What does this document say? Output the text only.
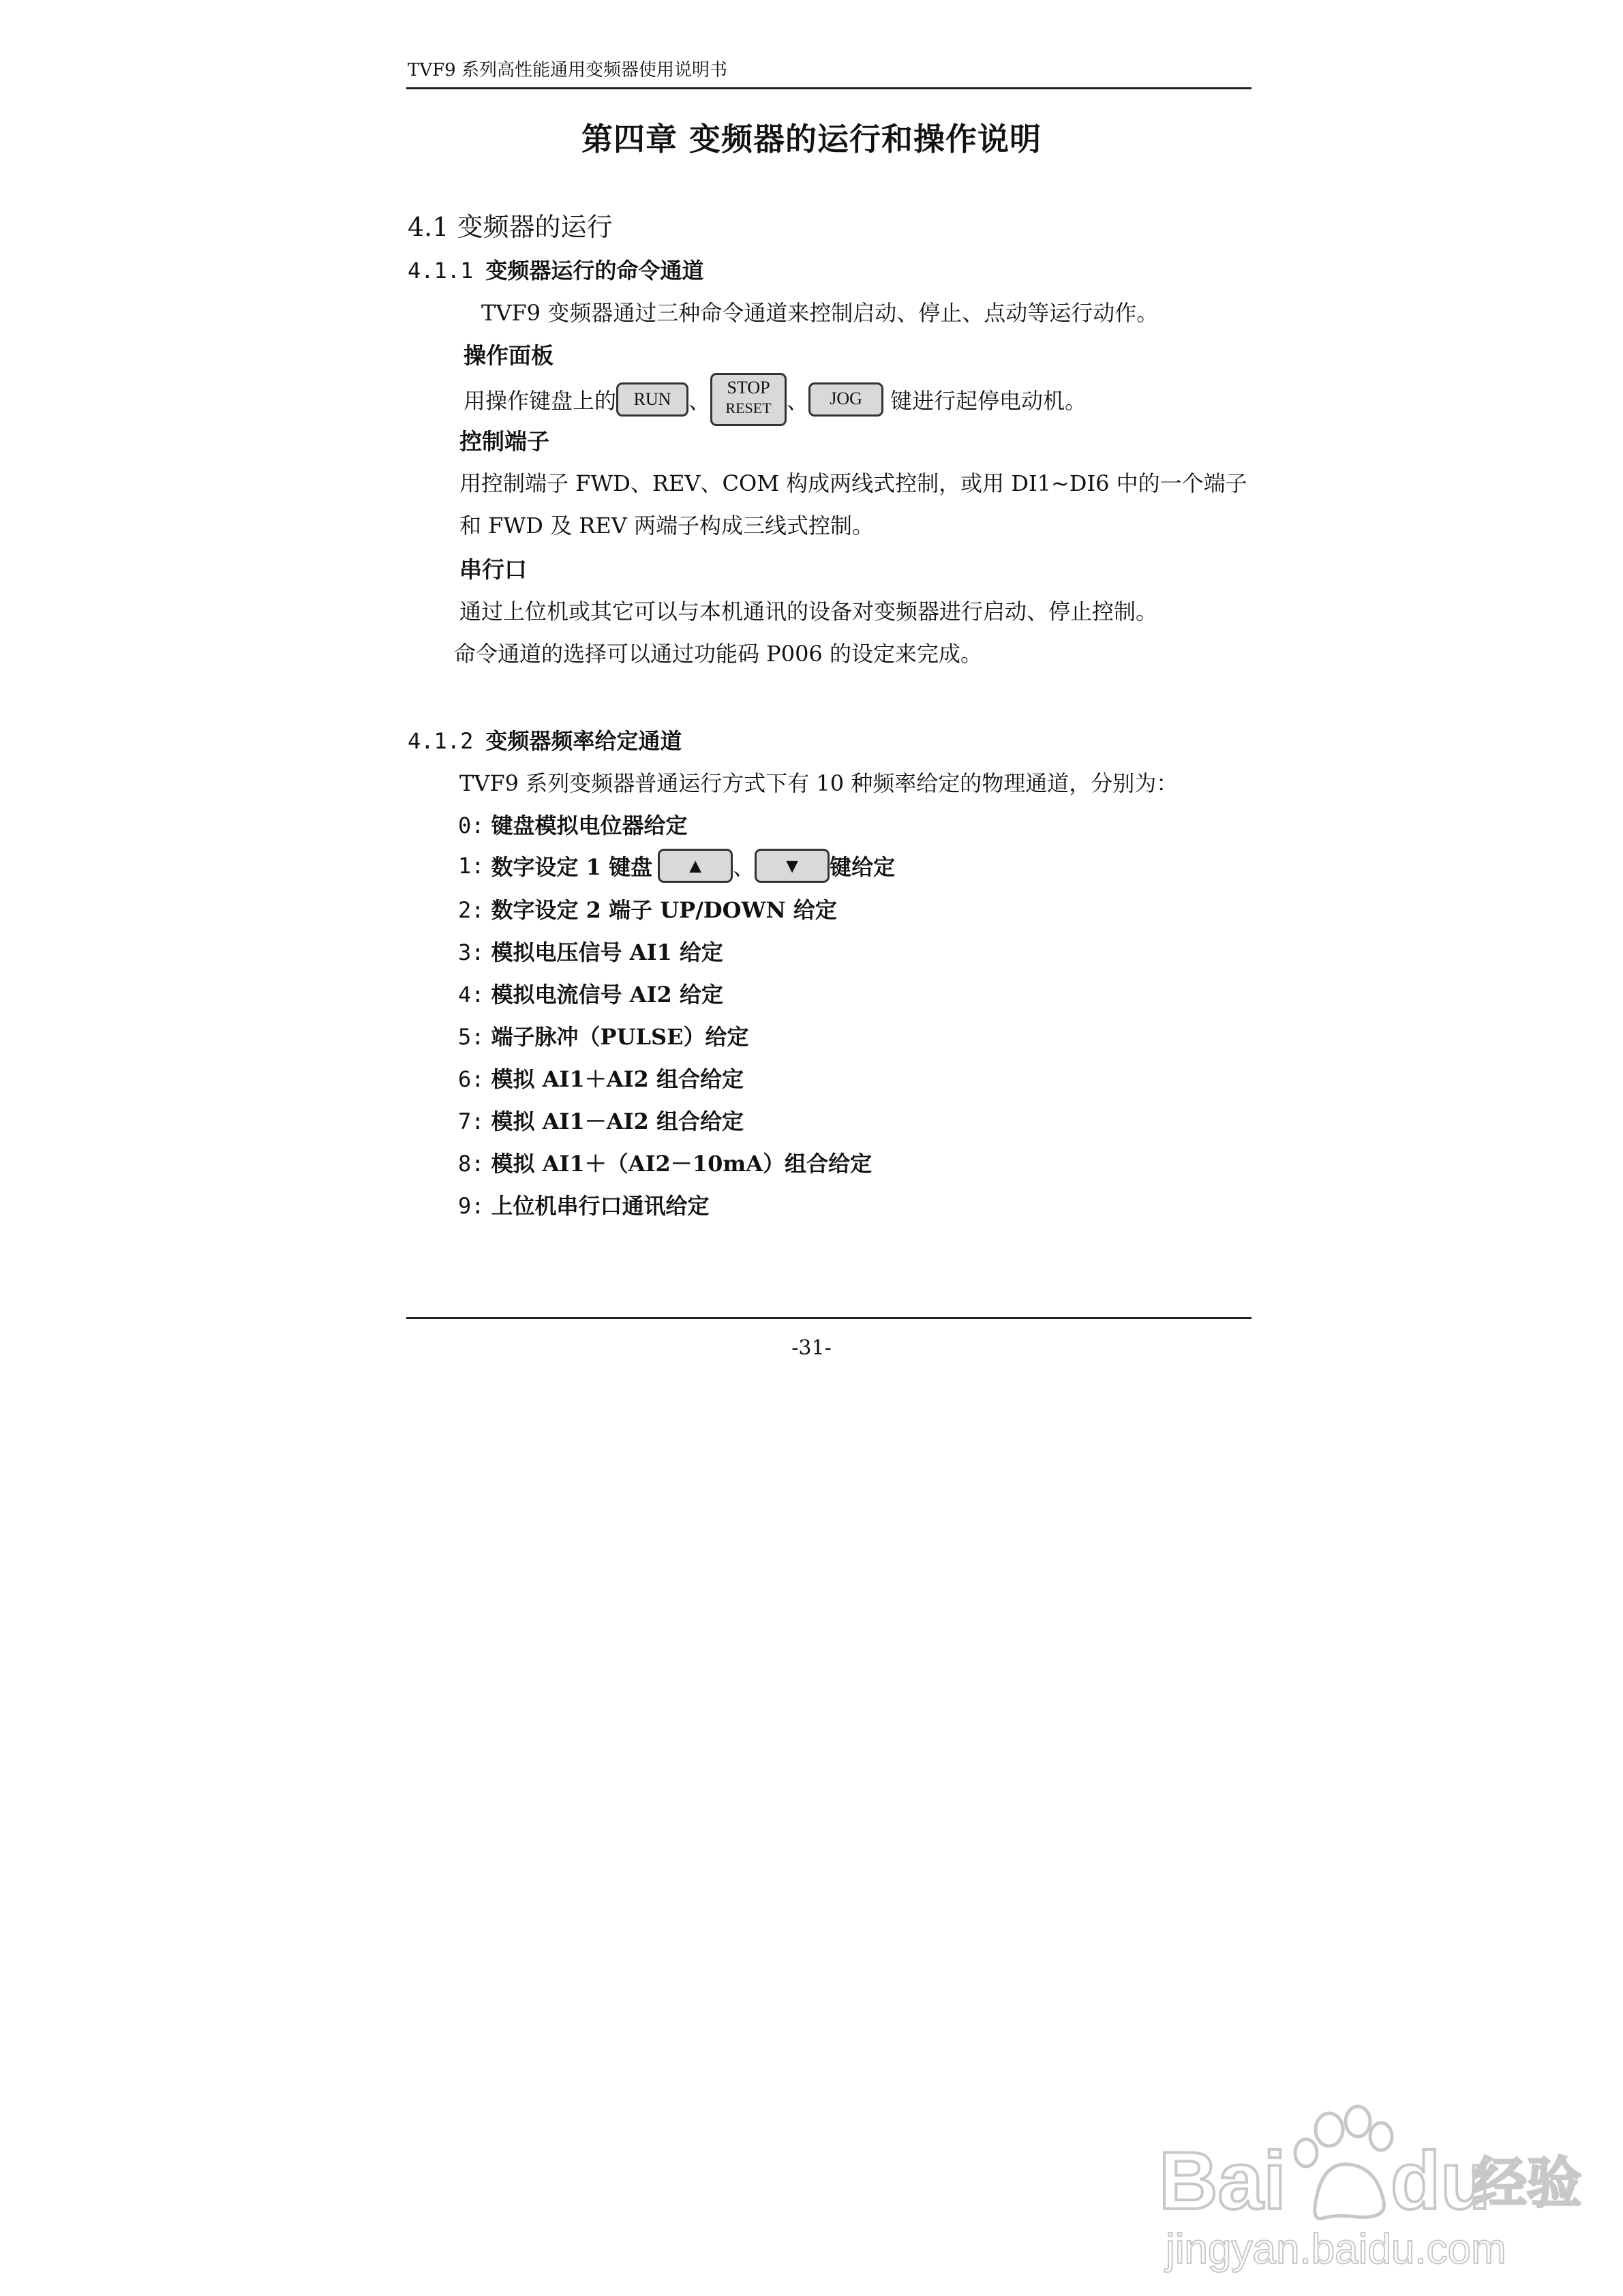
TVF9 系列高性能通用变频器使用说明书
第四章 变频器的运行和操作说明
4.1 变频器的运行
4.1.1 变频器运行的命令通道
TVF9 变频器通过三种命令通道来控制启动、停止、点动等运行动作。
操作面板
用操作键盘上的 RUN 、
STOP
RESET 、	JOG	键进行起停电动机。
控制端子
用控制端子 FWD、REV、COM 构成两线式控制，或用 DI1~DI6 中的一个端子
和 FWD 及 REV 两端子构成三线式控制。
串行口
通过上位机或其它可以与本机通讯的设备对变频器进行启动、停止控制。
命令通道的选择可以通过功能码 P006 的设定来完成。
4.1.2 变频器频率给定通道
TVF9 系列变频器普通运行方式下有 10 种频率给定的物理通道，分别为：
0: 键盘模拟电位器给定
1: 数字设定 1 键盘	▲	、	▼	键给定
2: 数字设定 2 端子 UP/DOWN 给定
3: 模拟电压信号 AI1 给定
4: 模拟电流信号 AI2 给定
5: 端子脉冲（PULSE）给定
6: 模拟 AI1＋AI2 组合给定
7: 模拟 AI1－AI2 组合给定
8: 模拟 AI1＋（AI2－10mA）组合给定
9: 上位机串行口通讯给定
-31-
Bai du
经验
jingyan.baidu.com
